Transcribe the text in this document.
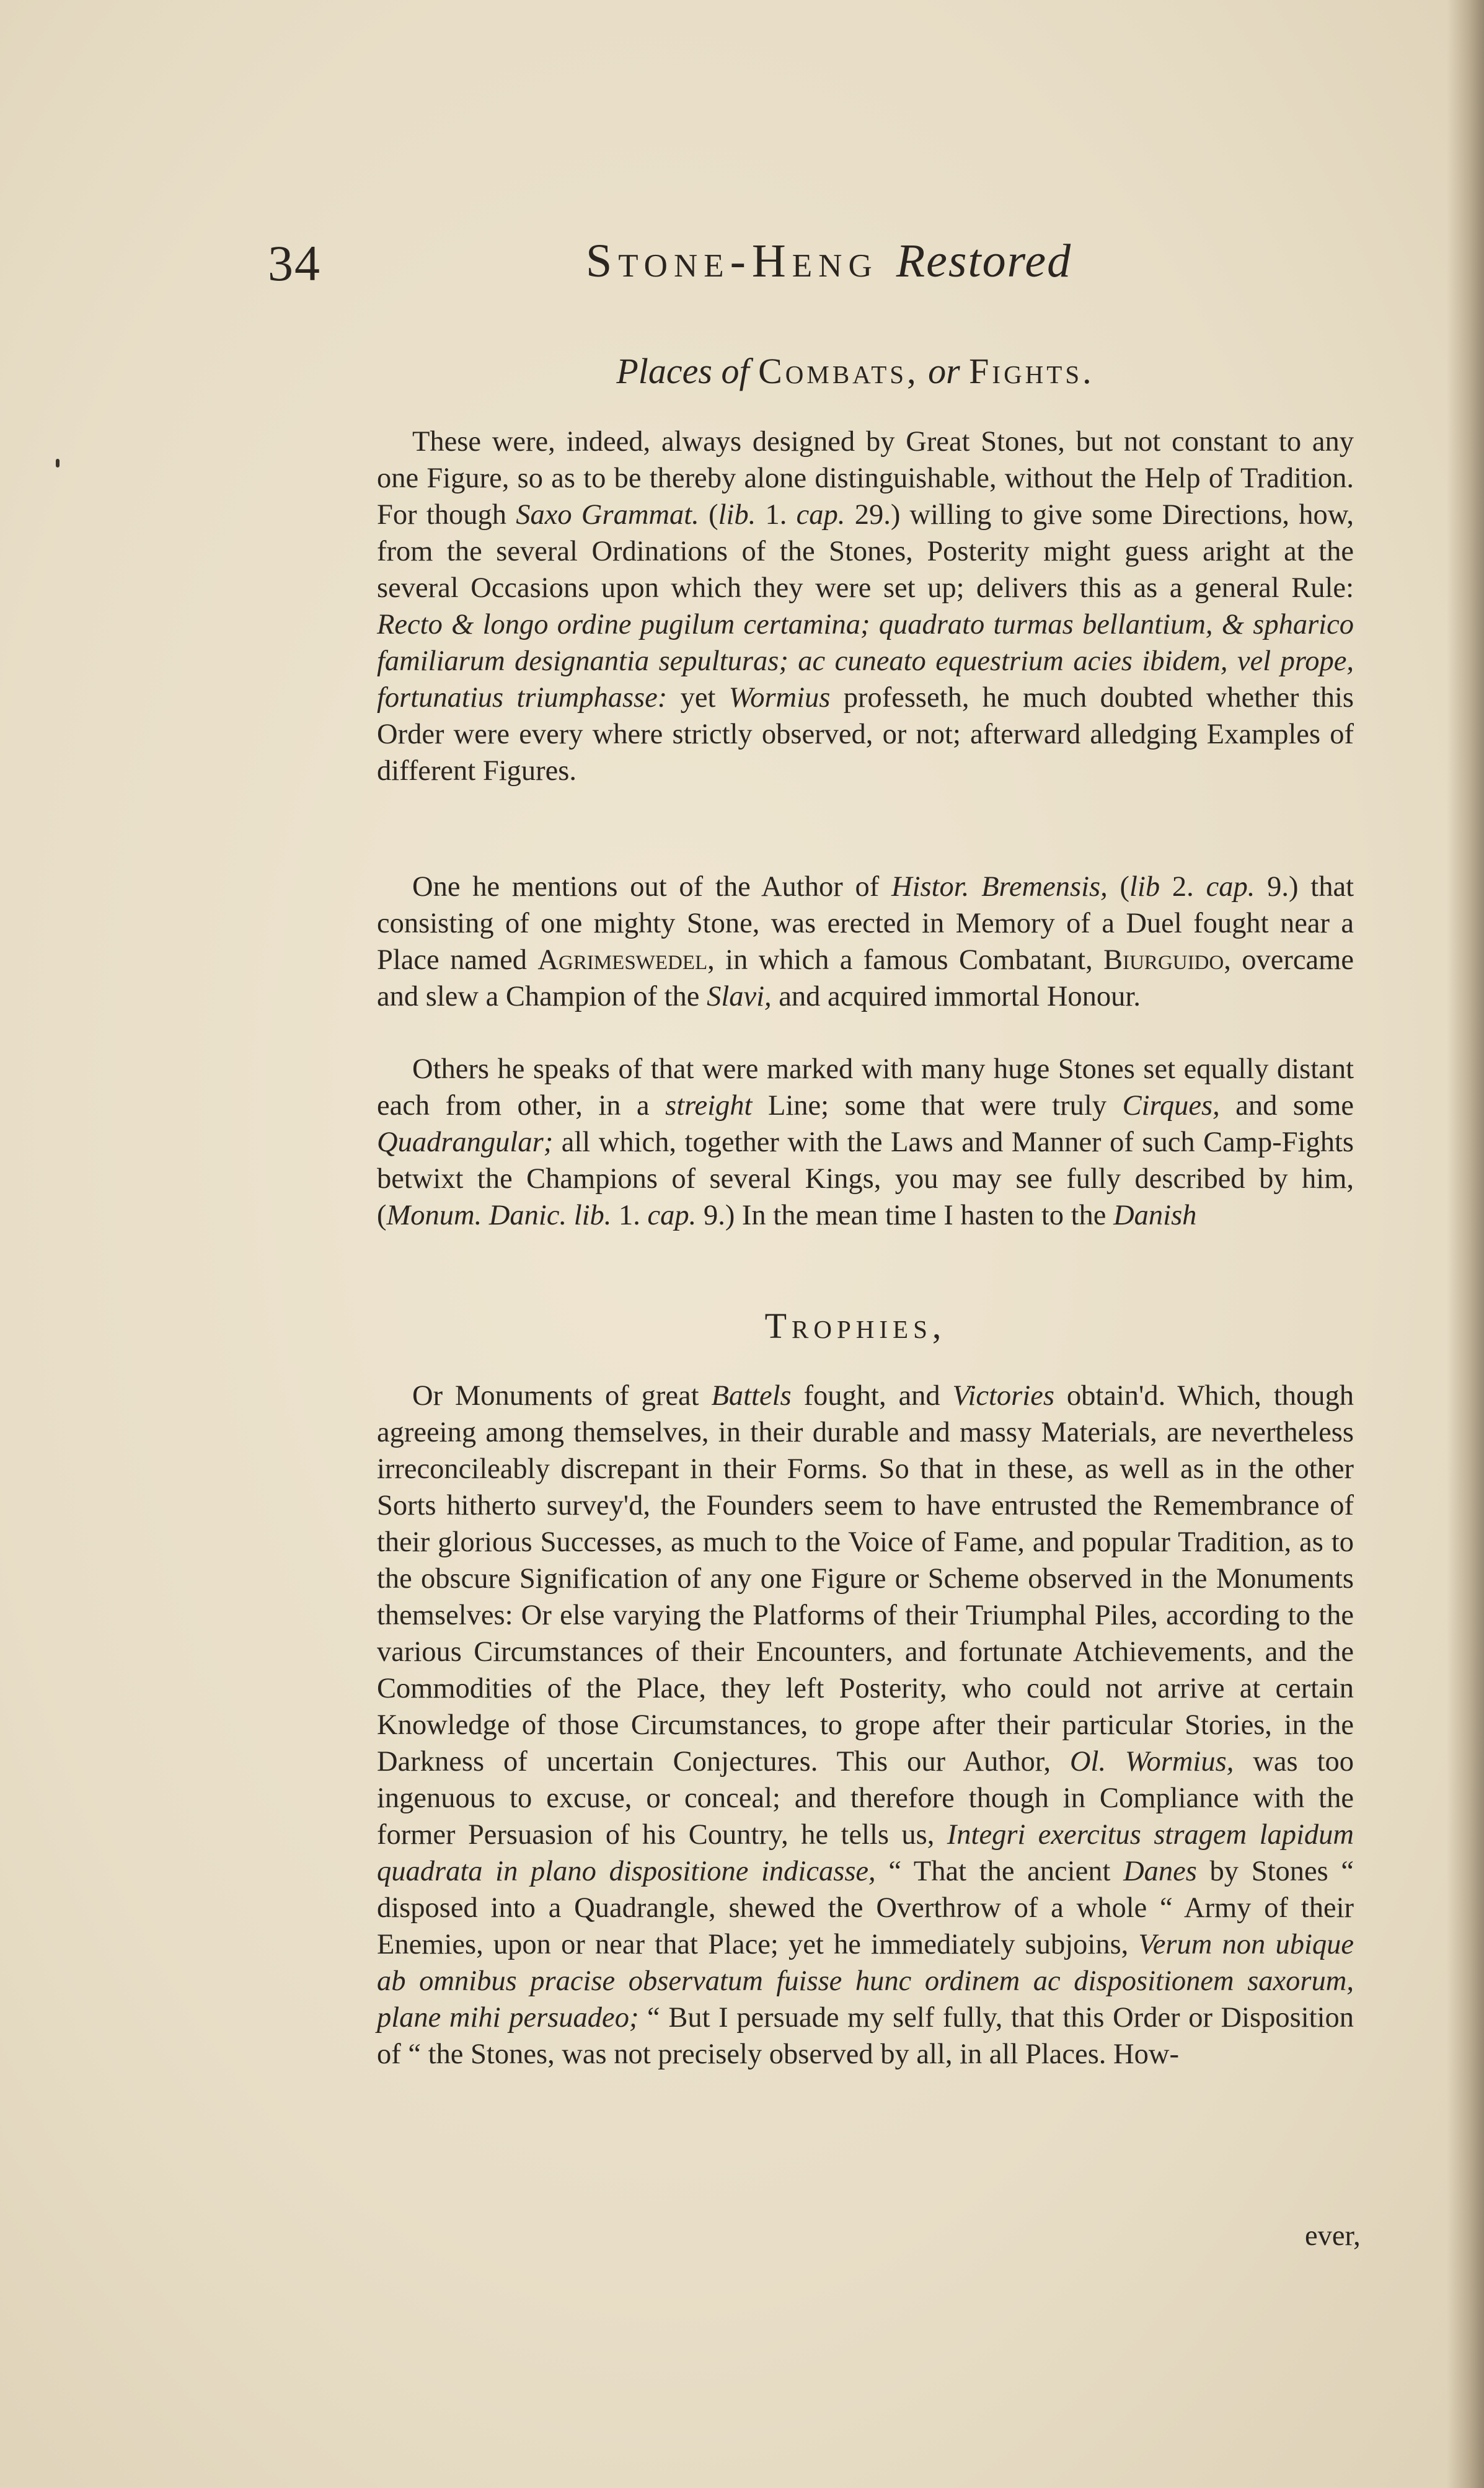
34	Stone-Heng Restored
Places of Combats, or Fights.

These were, indeed, always designed by Great Stones, but not constant to any one Figure, so as to be thereby alone distinguishable, without the Help of Tradition. For though Saxo Grammat. (lib. 1. cap. 29.) willing to give some Directions, how, from the several Ordinations of the Stones, Posterity might guess aright at the several Occasions upon which they were set up; delivers this as a general Rule: Recto & longo ordine pugilum certamina; quadrato turmas bellantium, & spharico familiarum designantia sepulturas; ac cuneato equestrium acies ibidem, vel prope, fortunatius triumphasse: yet Wormius professeth, he much doubted whether this Order were every where strictly observed, or not; afterward alledging Examples of different Figures.

One he mentions out of the Author of Histor. Bremensis, (lib 2. cap. 9.) that consisting of one mighty Stone, was erected in Memory of a Duel fought near a Place named Agrimeswedel, in which a famous Combatant, Biurguido, overcame and slew a Champion of the Slavi, and acquired immortal Honour.

Others he speaks of that were marked with many huge Stones set equally distant each from other, in a streight Line; some that were truly Cirques, and some Quadrangular; all which, together with the Laws and Manner of such Camp-Fights betwixt the Champions of several Kings, you may see fully described by him, (Monum. Danic. lib. 1. cap. 9.) In the mean time I hasten to the Danish

Trophies,

Or Monuments of great Battels fought, and Victories obtain'd. Which, though agreeing among themselves, in their durable and massy Materials, are nevertheless irreconcileably discrepant in their Forms. So that in these, as well as in the other Sorts hitherto survey'd, the Founders seem to have entrusted the Remembrance of their glorious Successes, as much to the Voice of Fame, and popular Tradition, as to the obscure Signification of any one Figure or Scheme observed in the Monuments themselves: Or else varying the Platforms of their Triumphal Piles, according to the various Circumstances of their Encounters, and fortunate Atchievements, and the Commodities of the Place, they left Posterity, who could not arrive at certain Knowledge of those Circumstances, to grope after their particular Stories, in the Darkness of uncertain Conjectures. This our Author, Ol. Wormius, was too ingenuous to excuse, or conceal; and therefore though in Compliance with the former Persuasion of his Country, he tells us, Integri exercitus stragem lapidum quadrata in plano dispositione indicasse, “ That the ancient Danes by Stones “ disposed into a Quadrangle, shewed the Overthrow of a whole “ Army of their Enemies, upon or near that Place; yet he immediately subjoins, Verum non ubique ab omnibus pracise observatum fuisse hunc ordinem ac dispositionem saxorum, plane mihi persuadeo; “ But I persuade my self fully, that this Order or Disposition of “ the Stones, was not precisely observed by all, in all Places. How-

ever,
